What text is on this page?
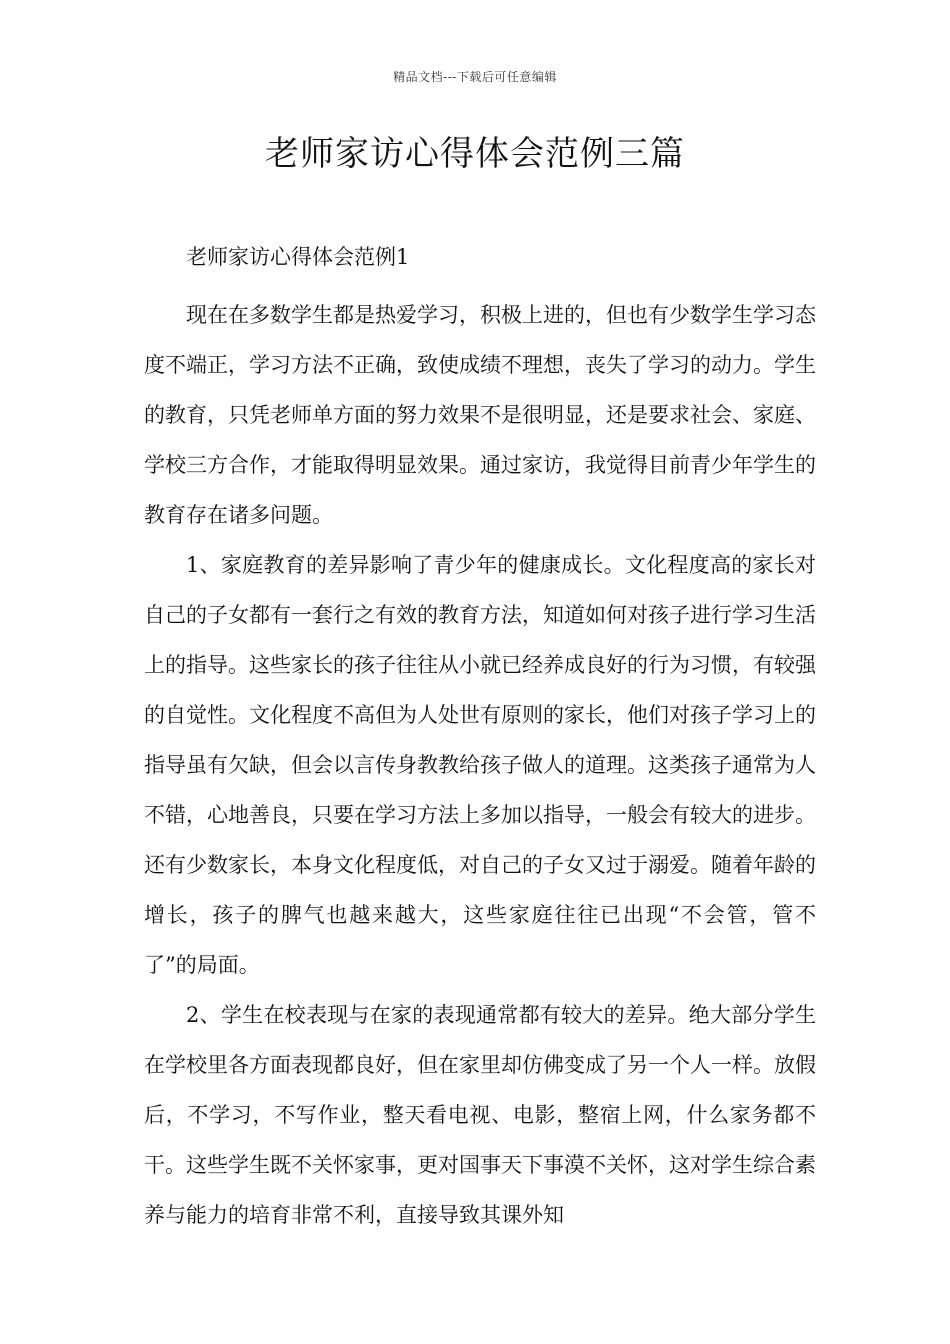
精品文档---下载后可任意编辑
老师家访心得体会范例三篇

老师家访心得体会范例1

现在在多数学生都是热爱学习，积极上进的，但也有少数学生学习态度不端正，学习方法不正确，致使成绩不理想，丧失了学习的动力。学生的教育，只凭老师单方面的努力效果不是很明显，还是要求社会、家庭、学校三方合作，才能取得明显效果。通过家访，我觉得目前青少年学生的教育存在诸多问题。

1、家庭教育的差异影响了青少年的健康成长。文化程度高的家长对自己的子女都有一套行之有效的教育方法，知道如何对孩子进行学习生活上的指导。这些家长的孩子往往从小就已经养成良好的行为习惯，有较强的自觉性。文化程度不高但为人处世有原则的家长，他们对孩子学习上的指导虽有欠缺，但会以言传身教教给孩子做人的道理。这类孩子通常为人不错，心地善良，只要在学习方法上多加以指导，一般会有较大的进步。还有少数家长，本身文化程度低，对自己的子女又过于溺爱。随着年龄的增长，孩子的脾气也越来越大，这些家庭往往已出现“不会管，管不了”的局面。

2、学生在校表现与在家的表现通常都有较大的差异。绝大部分学生在学校里各方面表现都良好，但在家里却仿佛变成了另一个人一样。放假后，不学习，不写作业，整天看电视、电影，整宿上网，什么家务都不干。这些学生既不关怀家事，更对国事天下事漠不关怀，这对学生综合素养与能力的培育非常不利，直接导致其课外知
